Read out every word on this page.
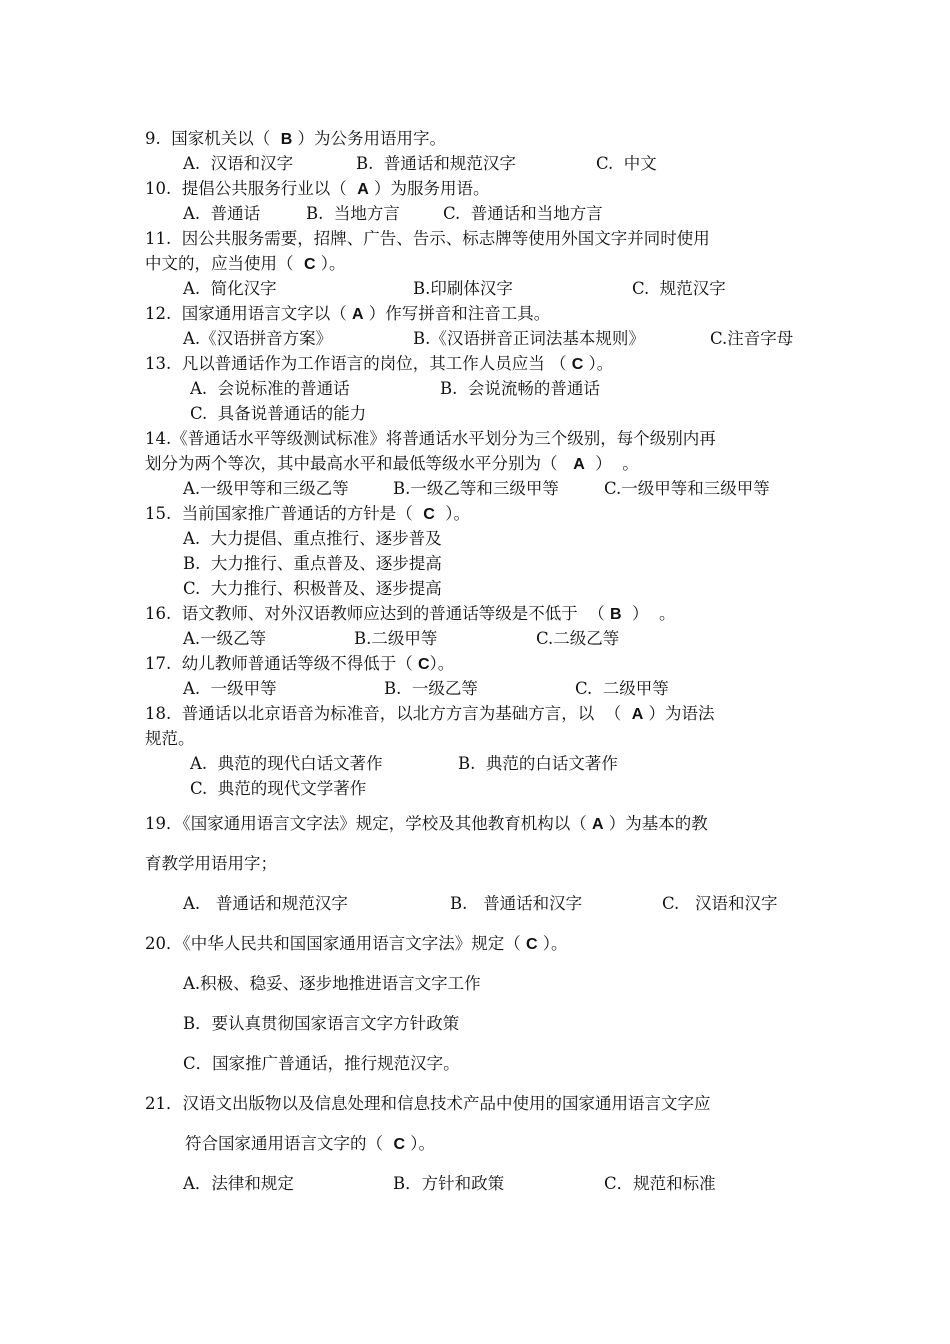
9.  国家机关以（  B ）为公务用语用字。
A.  汉语和汉字	B.  普通话和规范汉字	C.  中文
10.  提倡公共服务行业以（  A ）为服务用语。
A.  普通话	B.  当地方言	C.  普通话和当地方言
11.  因公共服务需要，招牌、广告、告示、标志牌等使用外国文字并同时使用
中文的，应当使用（  C ）。
A.  简化汉字	B.印刷体汉字	C.  规范汉字
12.  国家通用语言文字以（ A ）作写拼音和注音工具。
A.《汉语拼音方案》	B.《汉语拼音正词法基本规则》	C.注音字母
13.  凡以普通话作为工作语言的岗位，其工作人员应当 （ C ）。
A.  会说标准的普通话	B.  会说流畅的普通话
C.  具备说普通话的能力
14.《普通话水平等级测试标准》将普通话水平划分为三个级别，每个级别内再
划分为两个等次，其中最高水平和最低等级水平分别为（   A  ）  。
A.一级甲等和三级乙等	B.一级乙等和三级甲等	C.一级甲等和三级甲等
15.  当前国家推广普通话的方针是（  C  ）。
A.  大力提倡、重点推行、逐步普及
B.  大力推行、重点普及、逐步提高
C.  大力推行、积极普及、逐步提高
16.  语文教师、对外汉语教师应达到的普通话等级是不低于  （ B  ）  。
A.一级乙等	B.二级甲等	C.二级乙等
17.  幼儿教师普通话等级不得低于（ C）。
A.  一级甲等	B.  一级乙等	C.  二级甲等
18.  普通话以北京语音为标准音，以北方方言为基础方言，以  （  A ）为语法
规范。
A.  典范的现代白话文著作	B.  典范的白话文著作
C.  典范的现代文学著作
19．《国家通用语言文字法》规定，学校及其他教育机构以（ A ）为基本的教
育教学用语用字；
A.   普通话和规范汉字	B.   普通话和汉字	C.   汉语和汉字
20．《中华人民共和国国家通用语言文字法》规定（ C ）。
A.积极、稳妥、逐步地推进语言文字工作
B．要认真贯彻国家语言文字方针政策
C．国家推广普通话，推行规范汉字。
21．汉语文出版物以及信息处理和信息技术产品中使用的国家通用语言文字应
符合国家通用语言文字的（  C ）。
A．法律和规定	B．方针和政策	C．规范和标准
